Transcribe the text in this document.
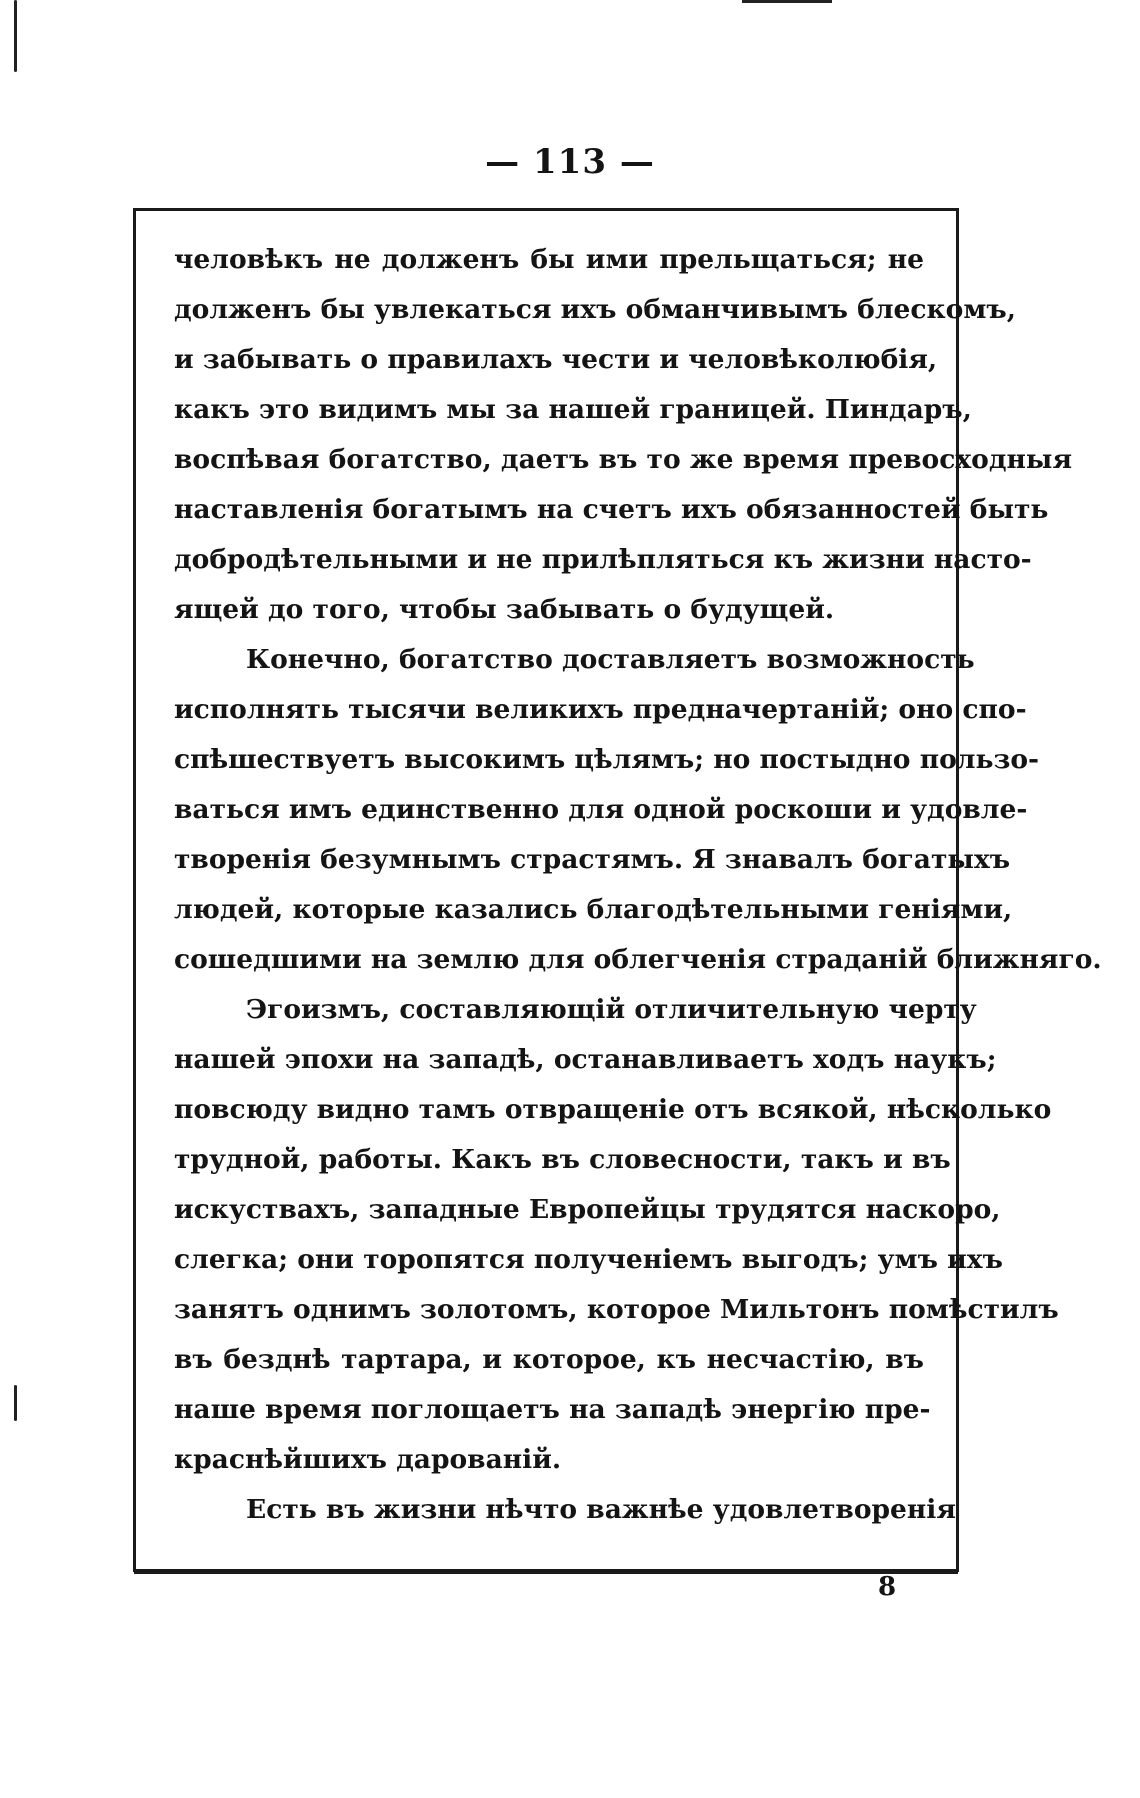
— 113 —
человѣкъ не долженъ бы ими прельщаться; не
долженъ бы увлекаться ихъ обманчивымъ блескомъ,
и забывать о правилахъ чести и человѣколюбія,
какъ это видимъ мы за нашей границей. Пиндаръ,
воспѣвая богатство, даетъ въ то же время превосходныя
наставленія богатымъ на счетъ ихъ обязанностей быть
добродѣтельными и не прилѣпляться къ жизни насто-
ящей до того, чтобы забывать о будущей.
Конечно, богатство доставляетъ возможность
исполнять тысячи великихъ предначертаній; оно спо-
спѣшествуетъ высокимъ цѣлямъ; но постыдно пользо-
ваться имъ единственно для одной роскоши и удовле-
творенія безумнымъ страстямъ. Я знавалъ богатыхъ
людей, которые казались благодѣтельными геніями,
сошедшими на землю для облегченія страданій ближняго.
Эгоизмъ, составляющій отличительную черту
нашей эпохи на западѣ, останавливаетъ ходъ наукъ;
повсюду видно тамъ отвращеніе отъ всякой, нѣсколько
трудной, работы. Какъ въ словесности, такъ и въ
искуствахъ, западные Европейцы трудятся наскоро,
слегка; они торопятся полученіемъ выгодъ; умъ ихъ
занятъ однимъ золотомъ, которое Мильтонъ помѣстилъ
въ безднѣ тартара, и которое, къ несчастію, въ
наше время поглощаетъ на западѣ энергію пре-
краснѣйшихъ дарованій.
Есть въ жизни нѣчто важнѣе удовлетворенія
8
